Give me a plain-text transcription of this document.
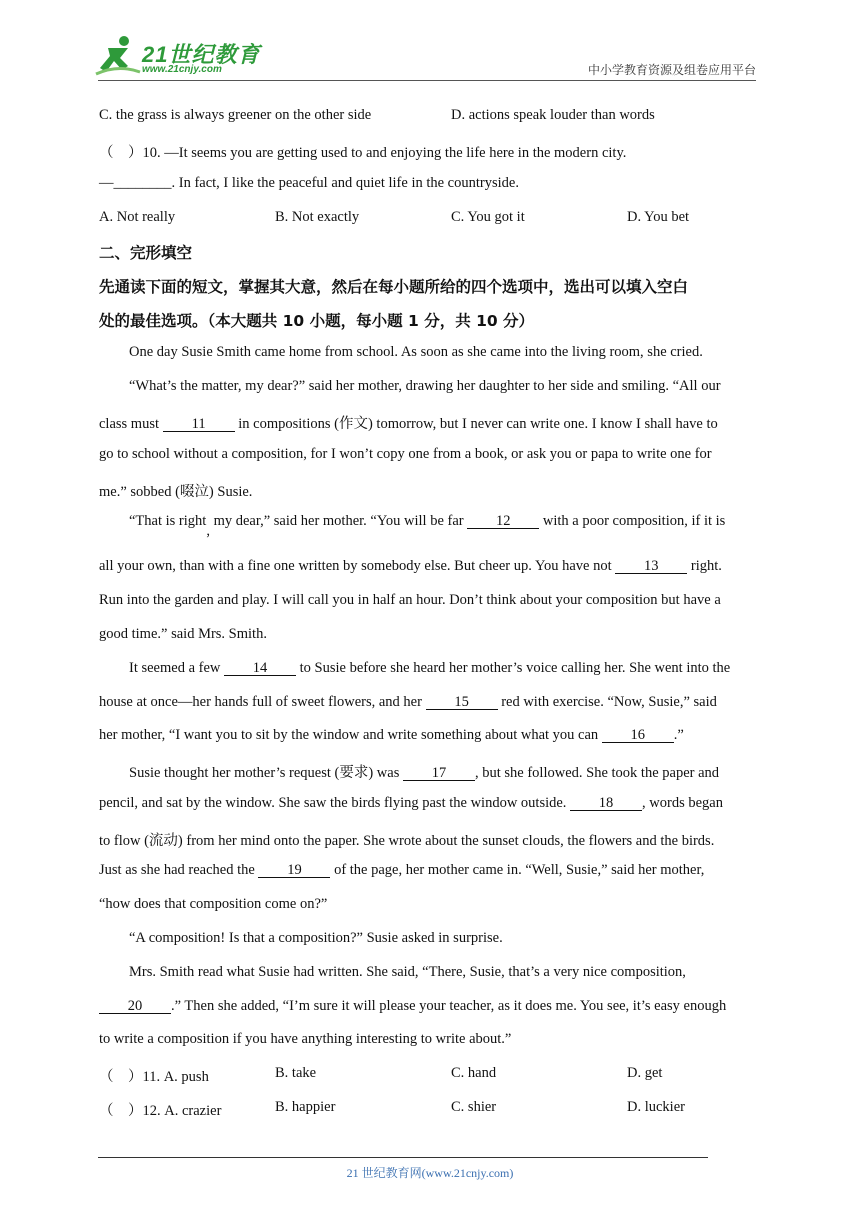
21世纪教育
www.21cnjy.com	中小学教育资源及组卷应用平台
C. the grass is always greener on the other side	D. actions speak louder than words
（　）10. —It seems you are getting used to and enjoying the life here in the modern city.
—________. In fact, I like the peaceful and quiet life in the countryside.
A. Not really	B. Not exactly	C. You got it	D. You bet
二、完形填空
先通读下面的短文，掌握其大意，然后在每小题所给的四个选项中，选出可以填入空白
处的最佳选项。（本大题共 10 小题，每小题 1 分，共 10 分）
One day Susie Smith came home from school. As soon as she came into the living room, she cried.
“What’s the matter, my dear?” said her mother, drawing her daughter to her side and smiling. “All our
class must 11 in compositions (作文) tomorrow, but I never can write one. I know I shall have to
go to school without a composition, for I won’t copy one from a book, or ask you or papa to write one for
me.” sobbed (啜泣) Susie.
“That is right, my dear,” said her mother. “You will be far 12 with a poor composition, if it is
all your own, than with a fine one written by somebody else. But cheer up. You have not 13 right.
Run into the garden and play. I will call you in half an hour. Don’t think about your composition but have a
good time.” said Mrs. Smith.
It seemed a few 14 to Susie before she heard her mother’s voice calling her. She went into the
house at once—her hands full of sweet flowers, and her 15 red with exercise. “Now, Susie,” said
her mother, “I want you to sit by the window and write something about what you can 16 .”
Susie thought her mother’s request (要求) was 17 , but she followed. She took the paper and
pencil, and sat by the window. She saw the birds flying past the window outside. 18 , words began
to flow (流动) from her mind onto the paper. She wrote about the sunset clouds, the flowers and the birds.
Just as she had reached the 19 of the page, her mother came in. “Well, Susie,” said her mother,
“how does that composition come on?”
“A composition! Is that a composition?” Susie asked in surprise.
Mrs. Smith read what Susie had written. She said, “There, Susie, that’s a very nice composition,
20 .” Then she added, “I’m sure it will please your teacher, as it does me. You see, it’s easy enough
to write a composition if you have anything interesting to write about.”
（　）11. A. push	B. take	C. hand	D. get
（　）12. A. crazier	B. happier	C. shier	D. luckier
21 世纪教育网(www.21cnjy.com)
